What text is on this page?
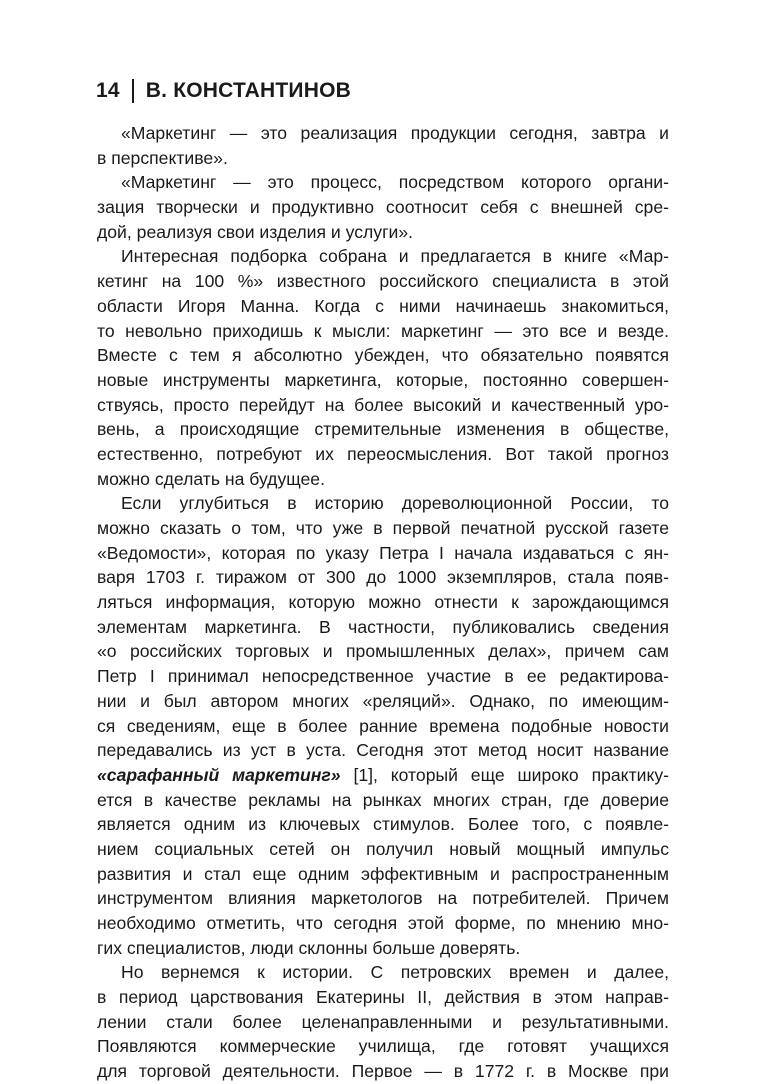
14 В. КОНСТАНТИНОВ
«Маркетинг — это реализация продукции сегодня, завтра и
в перспективе».
«Маркетинг — это процесс, посредством которого органи-
зация творчески и продуктивно соотносит себя с внешней сре-
дой, реализуя свои изделия и услуги».
Интересная подборка собрана и предлагается в книге «Мар-
кетинг на 100 %» известного российского специалиста в этой
области Игоря Манна. Когда с ними начинаешь знакомиться,
то невольно приходишь к мысли: маркетинг — это все и везде.
Вместе с тем я абсолютно убежден, что обязательно появятся
новые инструменты маркетинга, которые, постоянно совершен-
ствуясь, просто перейдут на более высокий и качественный уро-
вень, а происходящие стремительные изменения в обществе,
естественно, потребуют их переосмысления. Вот такой прогноз
можно сделать на будущее.
Если углубиться в историю дореволюционной России, то
можно сказать о том, что уже в первой печатной русской газете
«Ведомости», которая по указу Петра I начала издаваться с ян-
варя 1703 г. тиражом от 300 до 1000 экземпляров, стала появ-
ляться информация, которую можно отнести к зарождающимся
элементам маркетинга. В частности, публиковались сведения
«о российских торговых и промышленных делах», причем сам
Петр I принимал непосредственное участие в ее редактирова-
нии и был автором многих «реляций». Однако, по имеющим-
ся сведениям, еще в более ранние времена подобные новости
передавались из уст в уста. Сегодня этот метод носит название
«сарафанный маркетинг» [1], который еще широко практику-
ется в качестве рекламы на рынках многих стран, где доверие
является одним из ключевых стимулов. Более того, с появле-
нием социальных сетей он получил новый мощный импульс
развития и стал еще одним эффективным и распространенным
инструментом влияния маркетологов на потребителей. Причем
необходимо отметить, что сегодня этой форме, по мнению мно-
гих специалистов, люди склонны больше доверять.
Но вернемся к истории. С петровских времен и далее,
в период царствования Екатерины II, действия в этом направ-
лении стали более целенаправленными и результативными.
Появляются коммерческие училища, где готовят учащихся
для торговой деятельности. Первое — в 1772 г. в Москве при
